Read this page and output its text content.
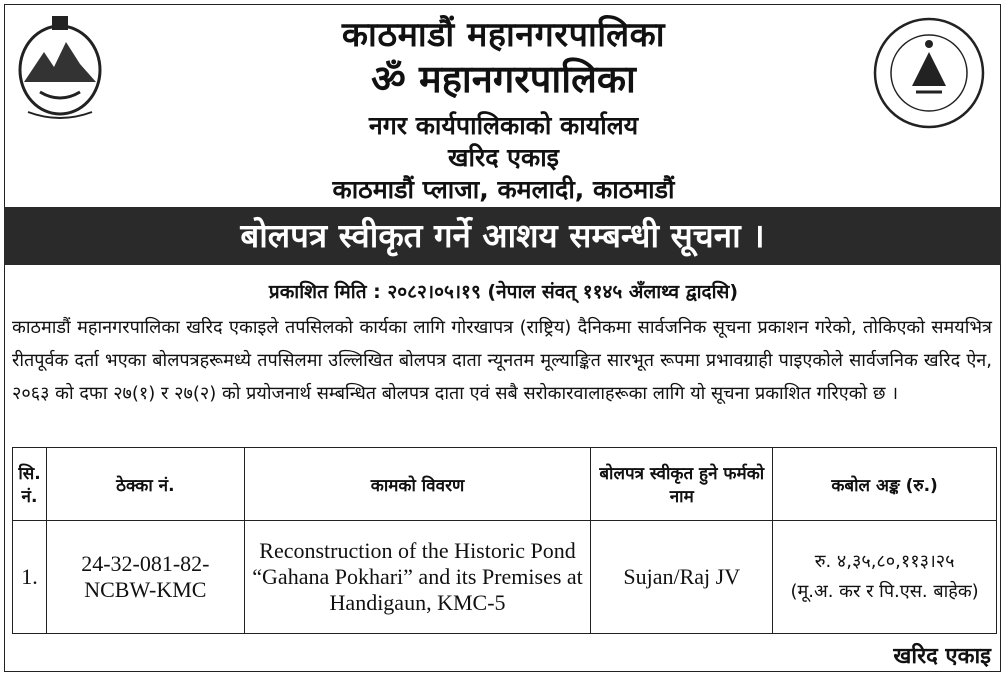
काठमाडौं महानगरपालिका
ॐ महानगरपालिका
नगर कार्यपालिकाको कार्यालय
खरिद एकाइ
काठमाडौं प्लाजा, कमलादी, काठमाडौं
बोलपत्र स्वीकृत गर्ने आशय सम्बन्धी सूचना ।
प्रकाशित मिति : २०८२।०५।१९ (नेपाल संवत् ११४५ अँलाथ्व द्वादसि)
काठमाडौं महानगरपालिका खरिद एकाइले तपसिलको कार्यका लागि गोरखापत्र (राष्ट्रिय) दैनिकमा सार्वजनिक सूचना प्रकाशन गरेको, तोकिएको समयभित्र रीतपूर्वक दर्ता भएका बोलपत्रहरूमध्ये तपसिलमा उल्लिखित बोलपत्र दाता न्यूनतम मूल्याङ्कित सारभूत रूपमा प्रभावग्राही पाइएकोले सार्वजनिक खरिद ऐन, २०६३ को दफा २७(१) र २७(२) को प्रयोजनार्थ सम्बन्धित बोलपत्र दाता एवं सबै सरोकारवालाहरूका लागि यो सूचना प्रकाशित गरिएको छ ।
सि. नं.	ठेक्का नं.	कामको विवरण	बोलपत्र स्वीकृत हुने फर्मको नाम	कबोल अङ्क (रु.)
1.	24-32-081-82-NCBW-KMC	Reconstruction of the Historic Pond “Gahana Pokhari” and its Premises at Handigaun, KMC-5	Sujan/Raj JV	रु. ४,३५,८०,११३।२५
(मू.अ. कर र पि.एस. बाहेक)
खरिद एकाइ
